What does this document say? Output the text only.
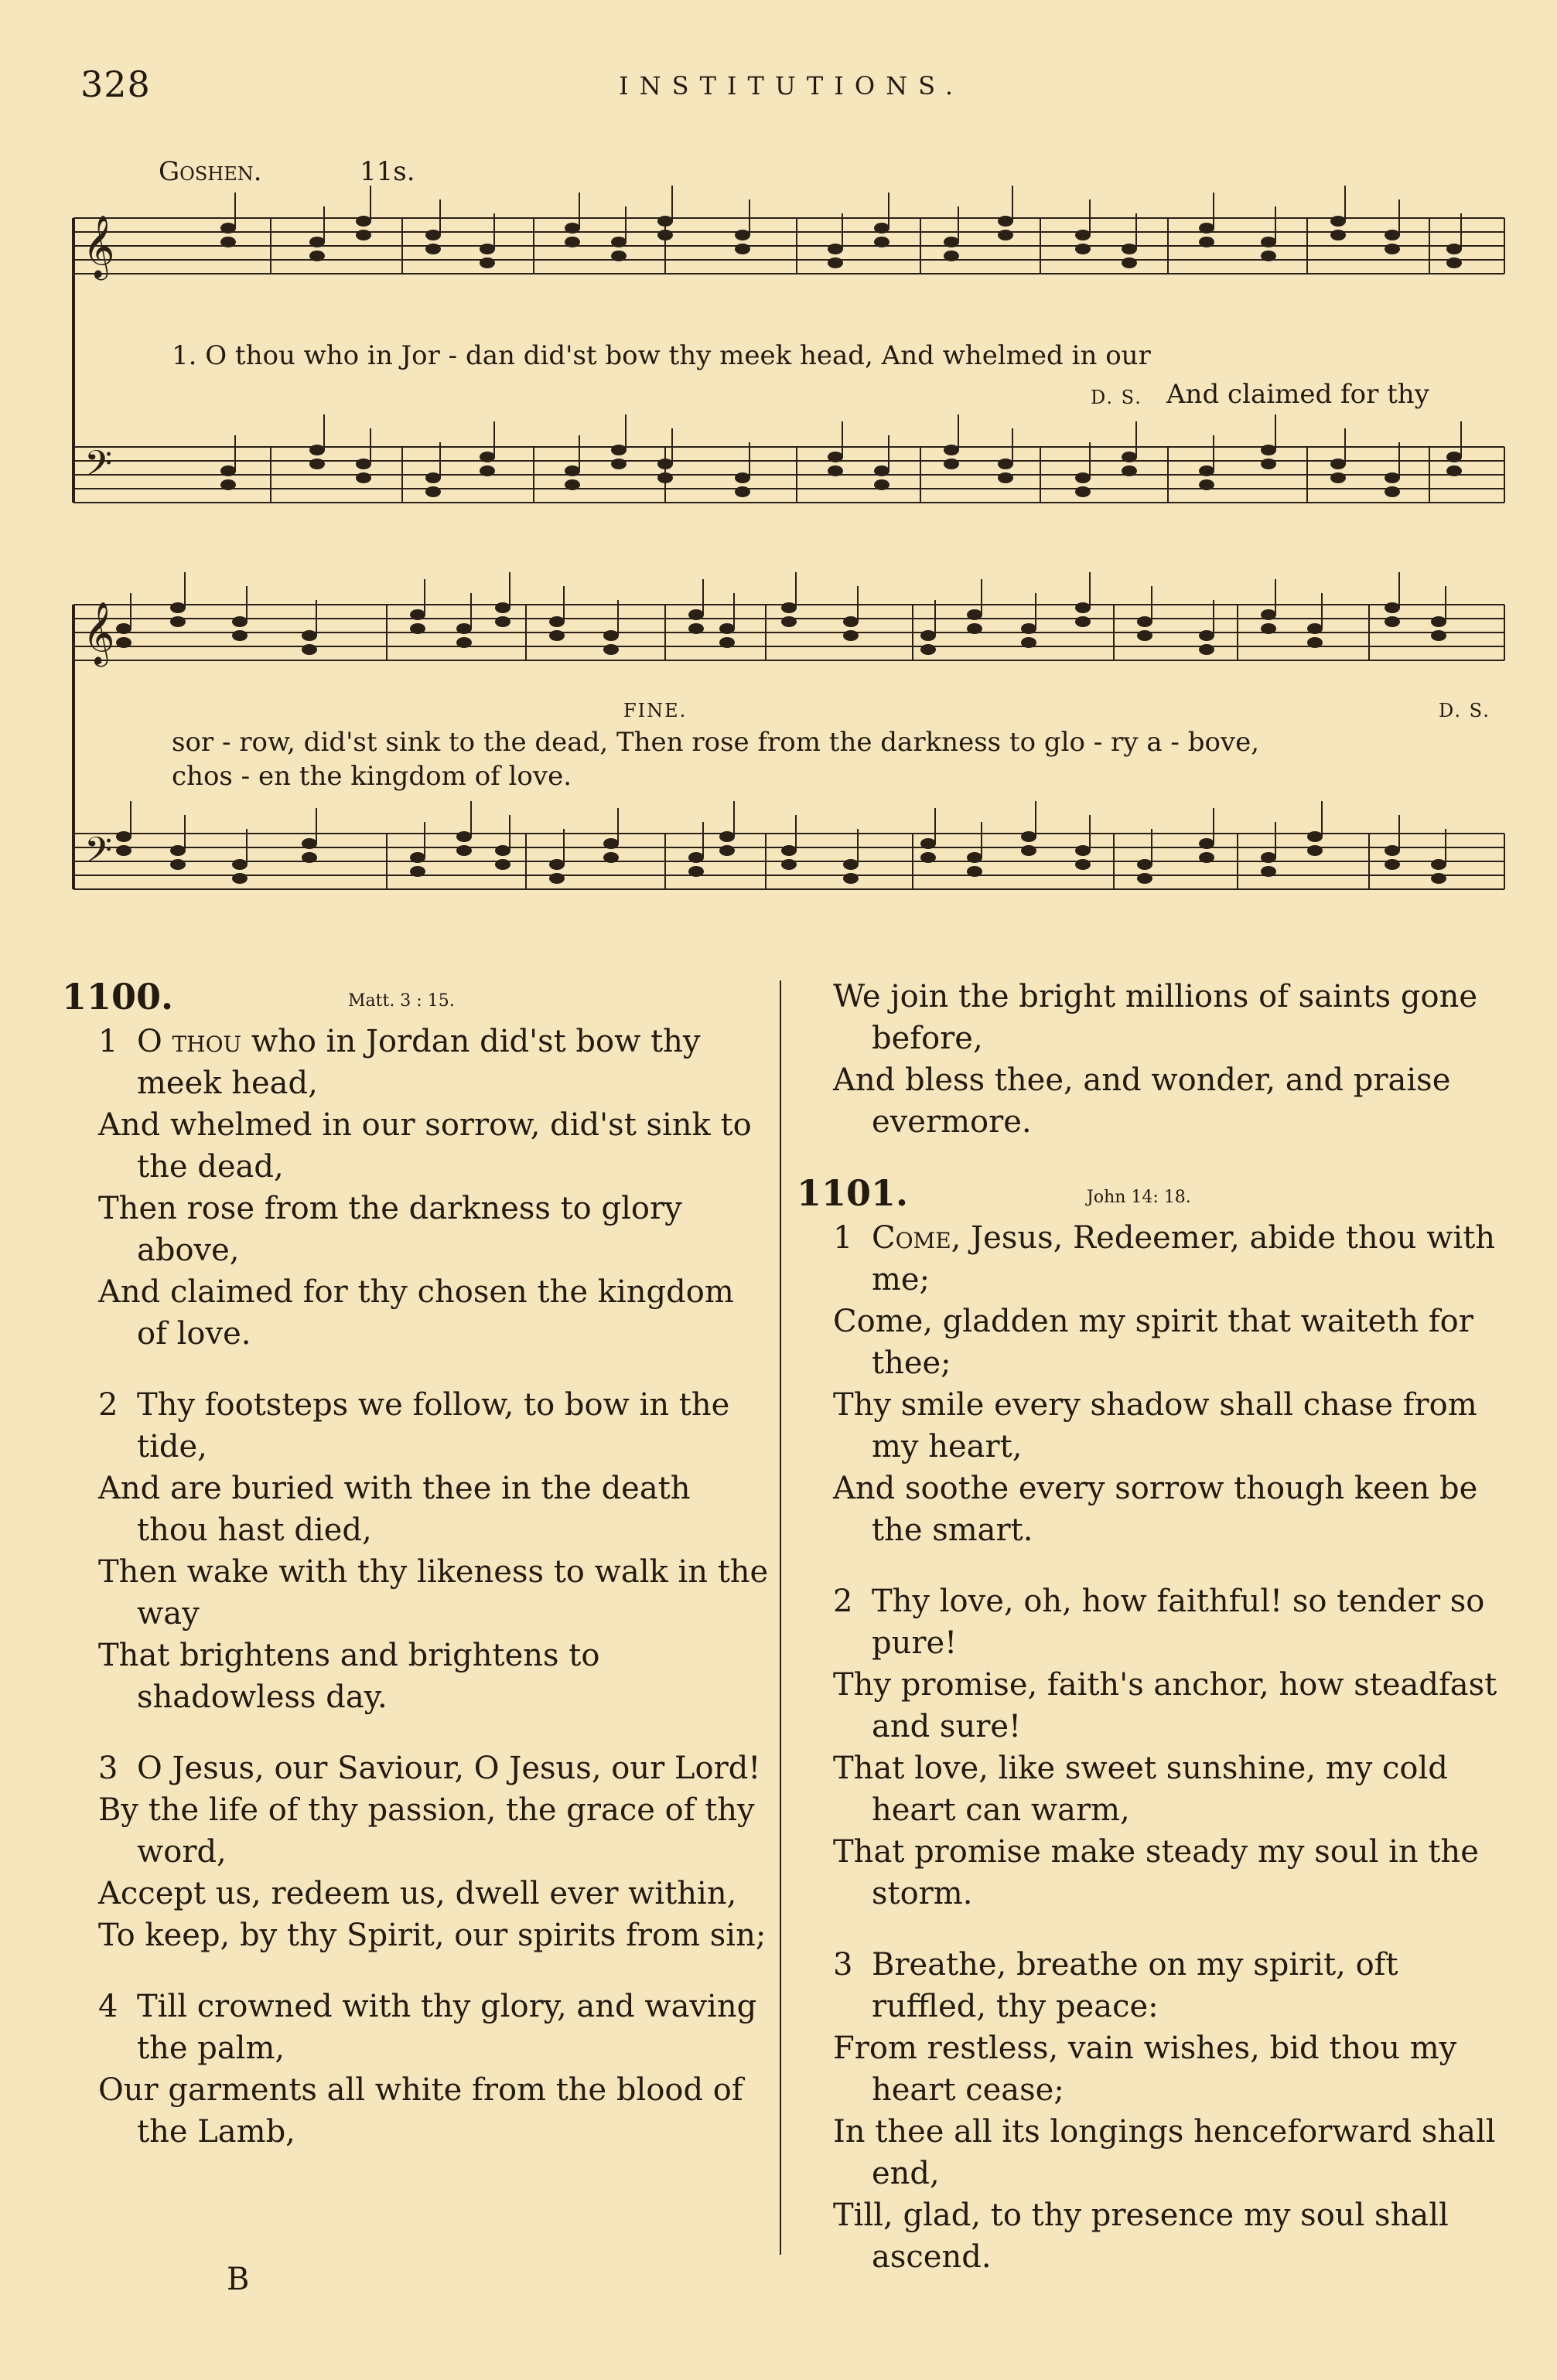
328	INSTITUTIONS.
Goshen.	11s.
𝄞
𝄢
𝄞
𝄢
1. O thou who in Jor - dan did'st bow thy meek head, And whelmed in our
D. S. And claimed for thy
FINE.	D. S.
sor - row, did'st sink to the dead, Then rose from the darkness to glo - ry a - bove,
chos - en the kingdom of love.
1100.	Matt. 3 : 15.
1 O thou who in Jordan did'st bow thy meek head,
And whelmed in our sorrow, did'st sink to the dead,
Then rose from the darkness to glory above,
And claimed for thy chosen the kingdom of love.
2 Thy footsteps we follow, to bow in the tide,
And are buried with thee in the death thou hast died,
Then wake with thy likeness to walk in the way
That brightens and brightens to shadowless day.
3 O Jesus, our Saviour, O Jesus, our Lord!
By the life of thy passion, the grace of thy word,
Accept us, redeem us, dwell ever within,
To keep, by thy Spirit, our spirits from sin;
4 Till crowned with thy glory, and waving the palm,
Our garments all white from the blood of the Lamb,
We join the bright millions of saints gone before,
And bless thee, and wonder, and praise evermore.
1101.	John 14: 18.
1 Come, Jesus, Redeemer, abide thou with me;
Come, gladden my spirit that waiteth for thee;
Thy smile every shadow shall chase from my heart,
And soothe every sorrow though keen be the smart.
2 Thy love, oh, how faithful! so tender so pure!
Thy promise, faith's anchor, how steadfast and sure!
That love, like sweet sunshine, my cold heart can warm,
That promise make steady my soul in the storm.
3 Breathe, breathe on my spirit, oft ruffled, thy peace:
From restless, vain wishes, bid thou my heart cease;
In thee all its longings henceforward shall end,
Till, glad, to thy presence my soul shall ascend.
B
